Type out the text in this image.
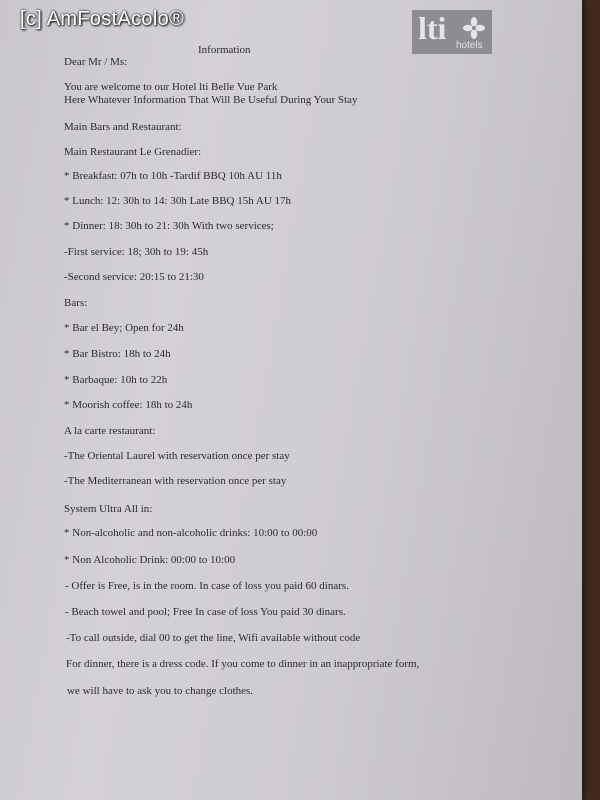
lti hotels
Information
Dear Mr / Ms:
You are welcome to our Hotel lti Belle Vue Park
Here Whatever Information That Will Be Useful During Your Stay
Main Bars and Restaurant:
Main Restaurant Le Grenadier:
* Breakfast: 07h to 10h -Tardif BBQ 10h AU 11h
* Lunch: 12: 30h to 14: 30h Late BBQ 15h AU 17h
* Dinner: 18: 30h to 21: 30h With two services;
-First service: 18; 30h to 19: 45h
-Second service: 20:15 to 21:30
Bars:
* Bar el Bey; Open for 24h
* Bar Bistro: 18h to 24h
* Barbaque: 10h to 22h
* Moorish coffee: 18h to 24h
A la carte restaurant:
-The Oriental Laurel with reservation once per stay
-The Mediterranean with reservation once per stay
System Ultra All in:
* Non-alcoholic and non-alcoholic drinks: 10:00 to 00:00
* Non Alcoholic Drink: 00:00 to 10:00
- Offer is Free, is in the room. In case of loss you paid 60 dinars.
- Beach towel and pool; Free In case of loss You paid 30 dinars.
-To call outside, dial 00 to get the line, Wifi available without code
For dinner, there is a dress code. If you come to dinner in an inappropriate form,
we will have to ask you to change clothes.
[c] AmFostAcolo®
